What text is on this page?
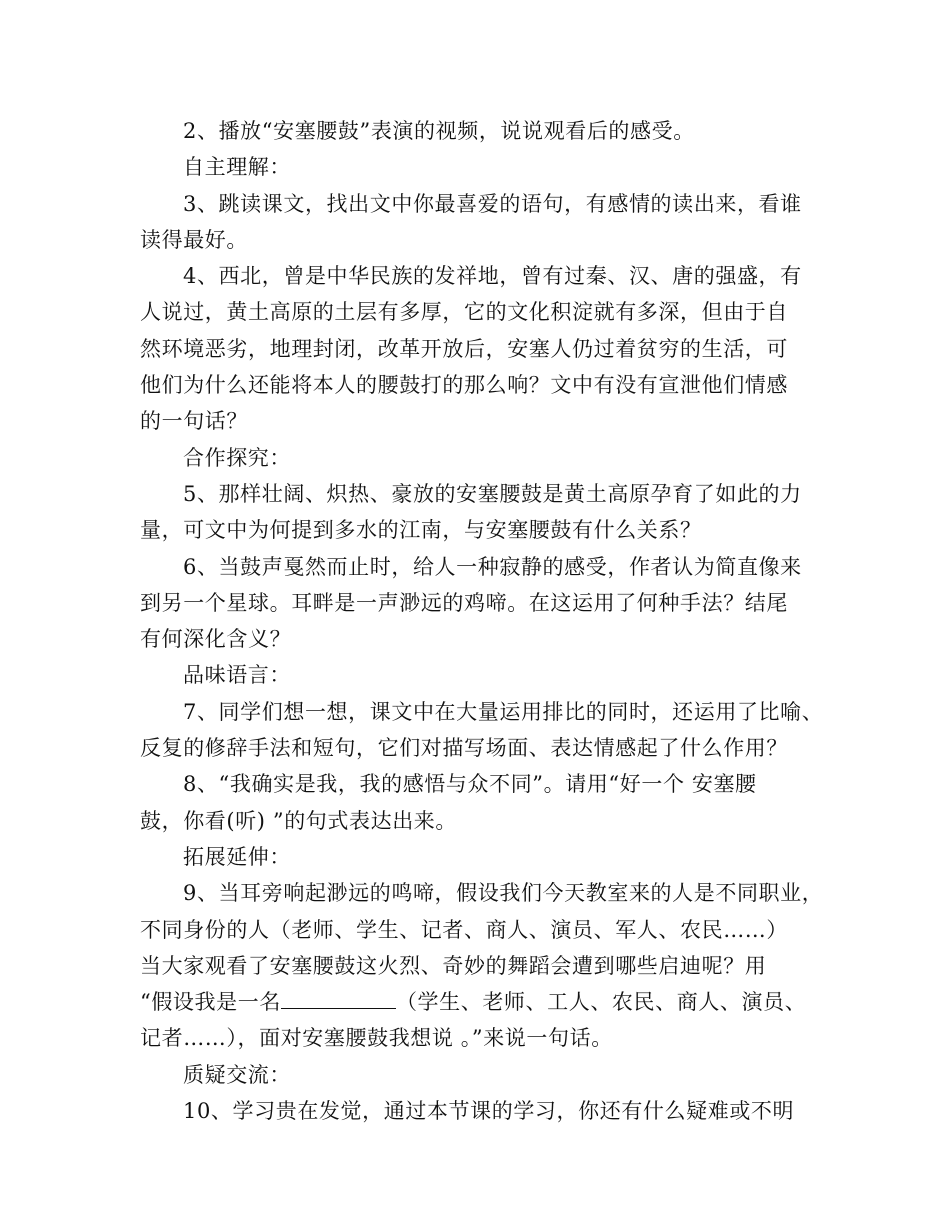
2、播放“安塞腰鼓”表演的视频，说说观看后的感受。
自主理解：
3、跳读课文，找出文中你最喜爱的语句，有感情的读出来，看谁
读得最好。
4、西北，曾是中华民族的发祥地，曾有过秦、汉、唐的强盛，有
人说过，黄土高原的土层有多厚，它的文化积淀就有多深，但由于自
然环境恶劣，地理封闭，改革开放后，安塞人仍过着贫穷的生活，可
他们为什么还能将本人的腰鼓打的那么响？文中有没有宣泄他们情感
的一句话？
合作探究：
5、那样壮阔、炽热、豪放的安塞腰鼓是黄土高原孕育了如此的力
量，可文中为何提到多水的江南，与安塞腰鼓有什么关系？
6、当鼓声戛然而止时，给人一种寂静的感受，作者认为简直像来
到另一个星球。耳畔是一声渺远的鸡啼。在这运用了何种手法？结尾
有何深化含义？
品味语言：
7、同学们想一想，课文中在大量运用排比的同时，还运用了比喻、
反复的修辞手法和短句，它们对描写场面、表达情感起了什么作用？
8、“我确实是我，我的感悟与众不同”。请用“好一个 安塞腰
鼓，你看(听) ”的句式表达出来。
拓展延伸：
9、当耳旁响起渺远的鸣啼，假设我们今天教室来的人是不同职业，
不同身份的人（老师、学生、记者、商人、演员、军人、农民……）
当大家观看了安塞腰鼓这火烈、奇妙的舞蹈会遭到哪些启迪呢？用
“假设我是一名	（学生、老师、工人、农民、商人、演员、
记者……），面对安塞腰鼓我想说 。”来说一句话。
质疑交流：
10、学习贵在发觉，通过本节课的学习，你还有什么疑难或不明
